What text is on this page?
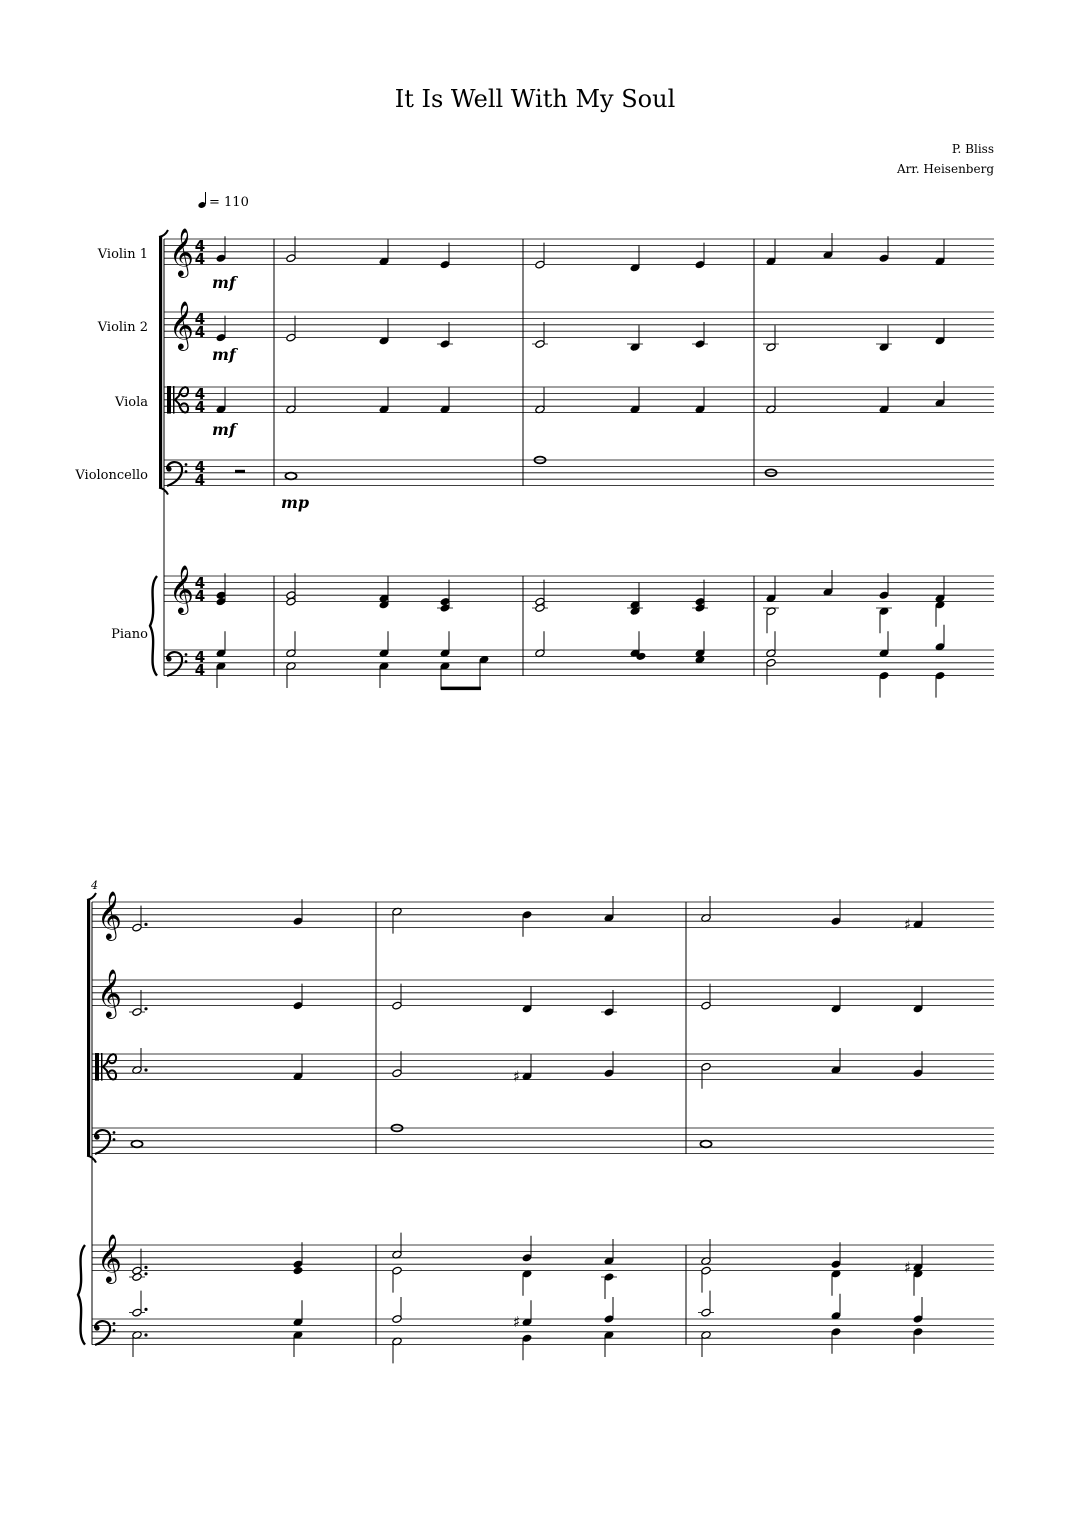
It Is Well With My Soul
P. Bliss
Arr. Heisenberg
= 110
Violin 1
Violin 2
Viola
Violoncello
Piano
4
mf
mf
mf
mp
𝄞
𝄞
𝄞
4
4
4
4
4
4
4
4
4
4
4
4
𝄞
𝄞
𝄞
♯
♯
♯
♯
